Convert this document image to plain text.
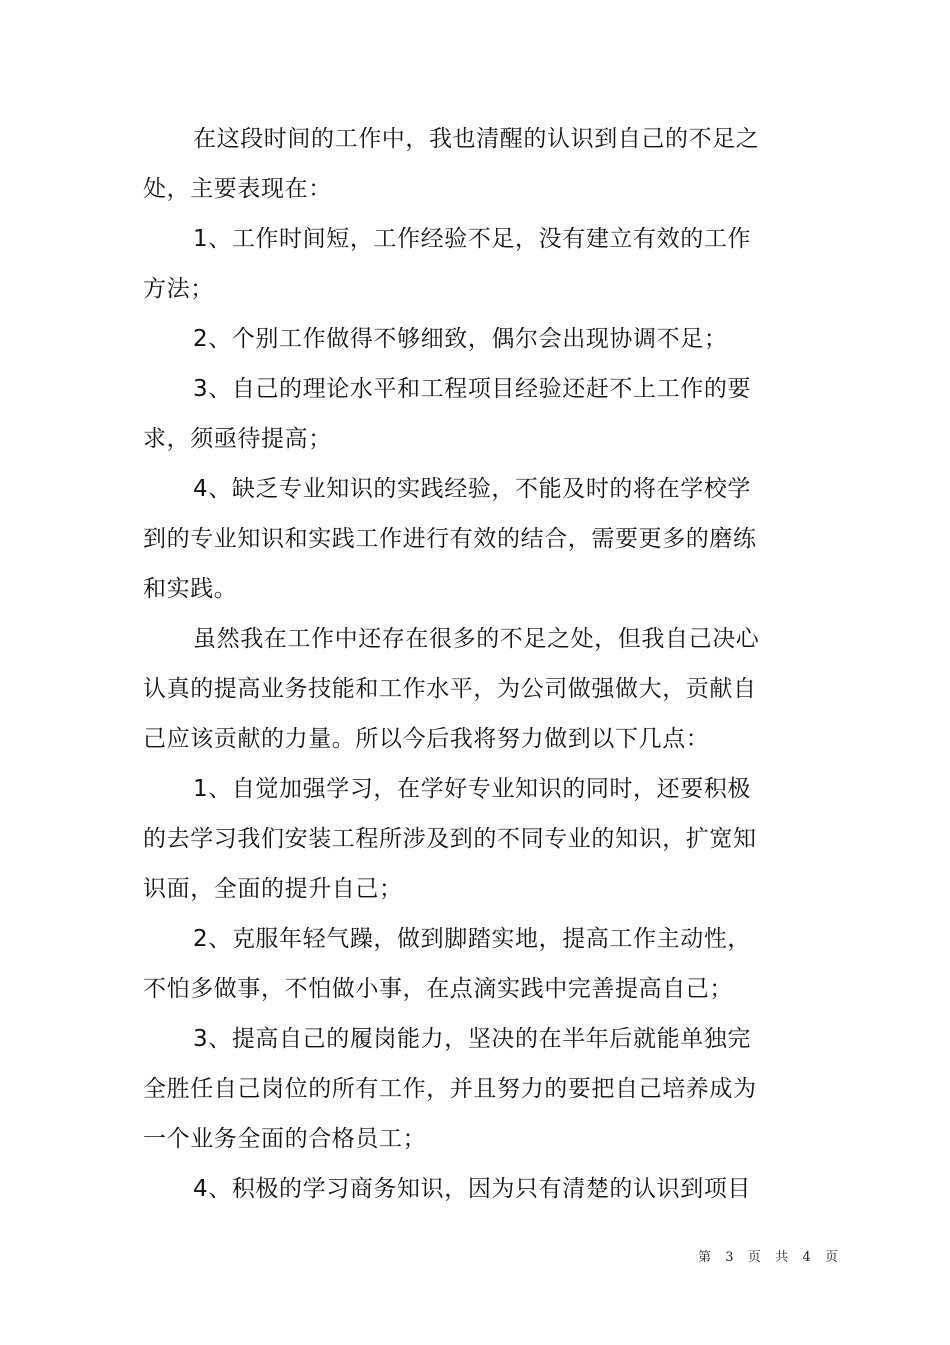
在这段时间的工作中，我也清醒的认识到自己的不足之
处，主要表现在：
1、工作时间短，工作经验不足，没有建立有效的工作
方法；
2、个别工作做得不够细致，偶尔会出现协调不足；
3、自己的理论水平和工程项目经验还赶不上工作的要
求，须亟待提高；
4、缺乏专业知识的实践经验，不能及时的将在学校学
到的专业知识和实践工作进行有效的结合，需要更多的磨练
和实践。
虽然我在工作中还存在很多的不足之处，但我自己决心
认真的提高业务技能和工作水平，为公司做强做大，贡献自
己应该贡献的力量。所以今后我将努力做到以下几点：
1、自觉加强学习，在学好专业知识的同时，还要积极
的去学习我们安装工程所涉及到的不同专业的知识，扩宽知
识面，全面的提升自己；
2、克服年轻气躁，做到脚踏实地，提高工作主动性，
不怕多做事，不怕做小事，在点滴实践中完善提高自己；
3、提高自己的履岗能力，坚决的在半年后就能单独完
全胜任自己岗位的所有工作，并且努力的要把自己培养成为
一个业务全面的合格员工；
4、积极的学习商务知识，因为只有清楚的认识到项目
第 3 页 共 4 页
